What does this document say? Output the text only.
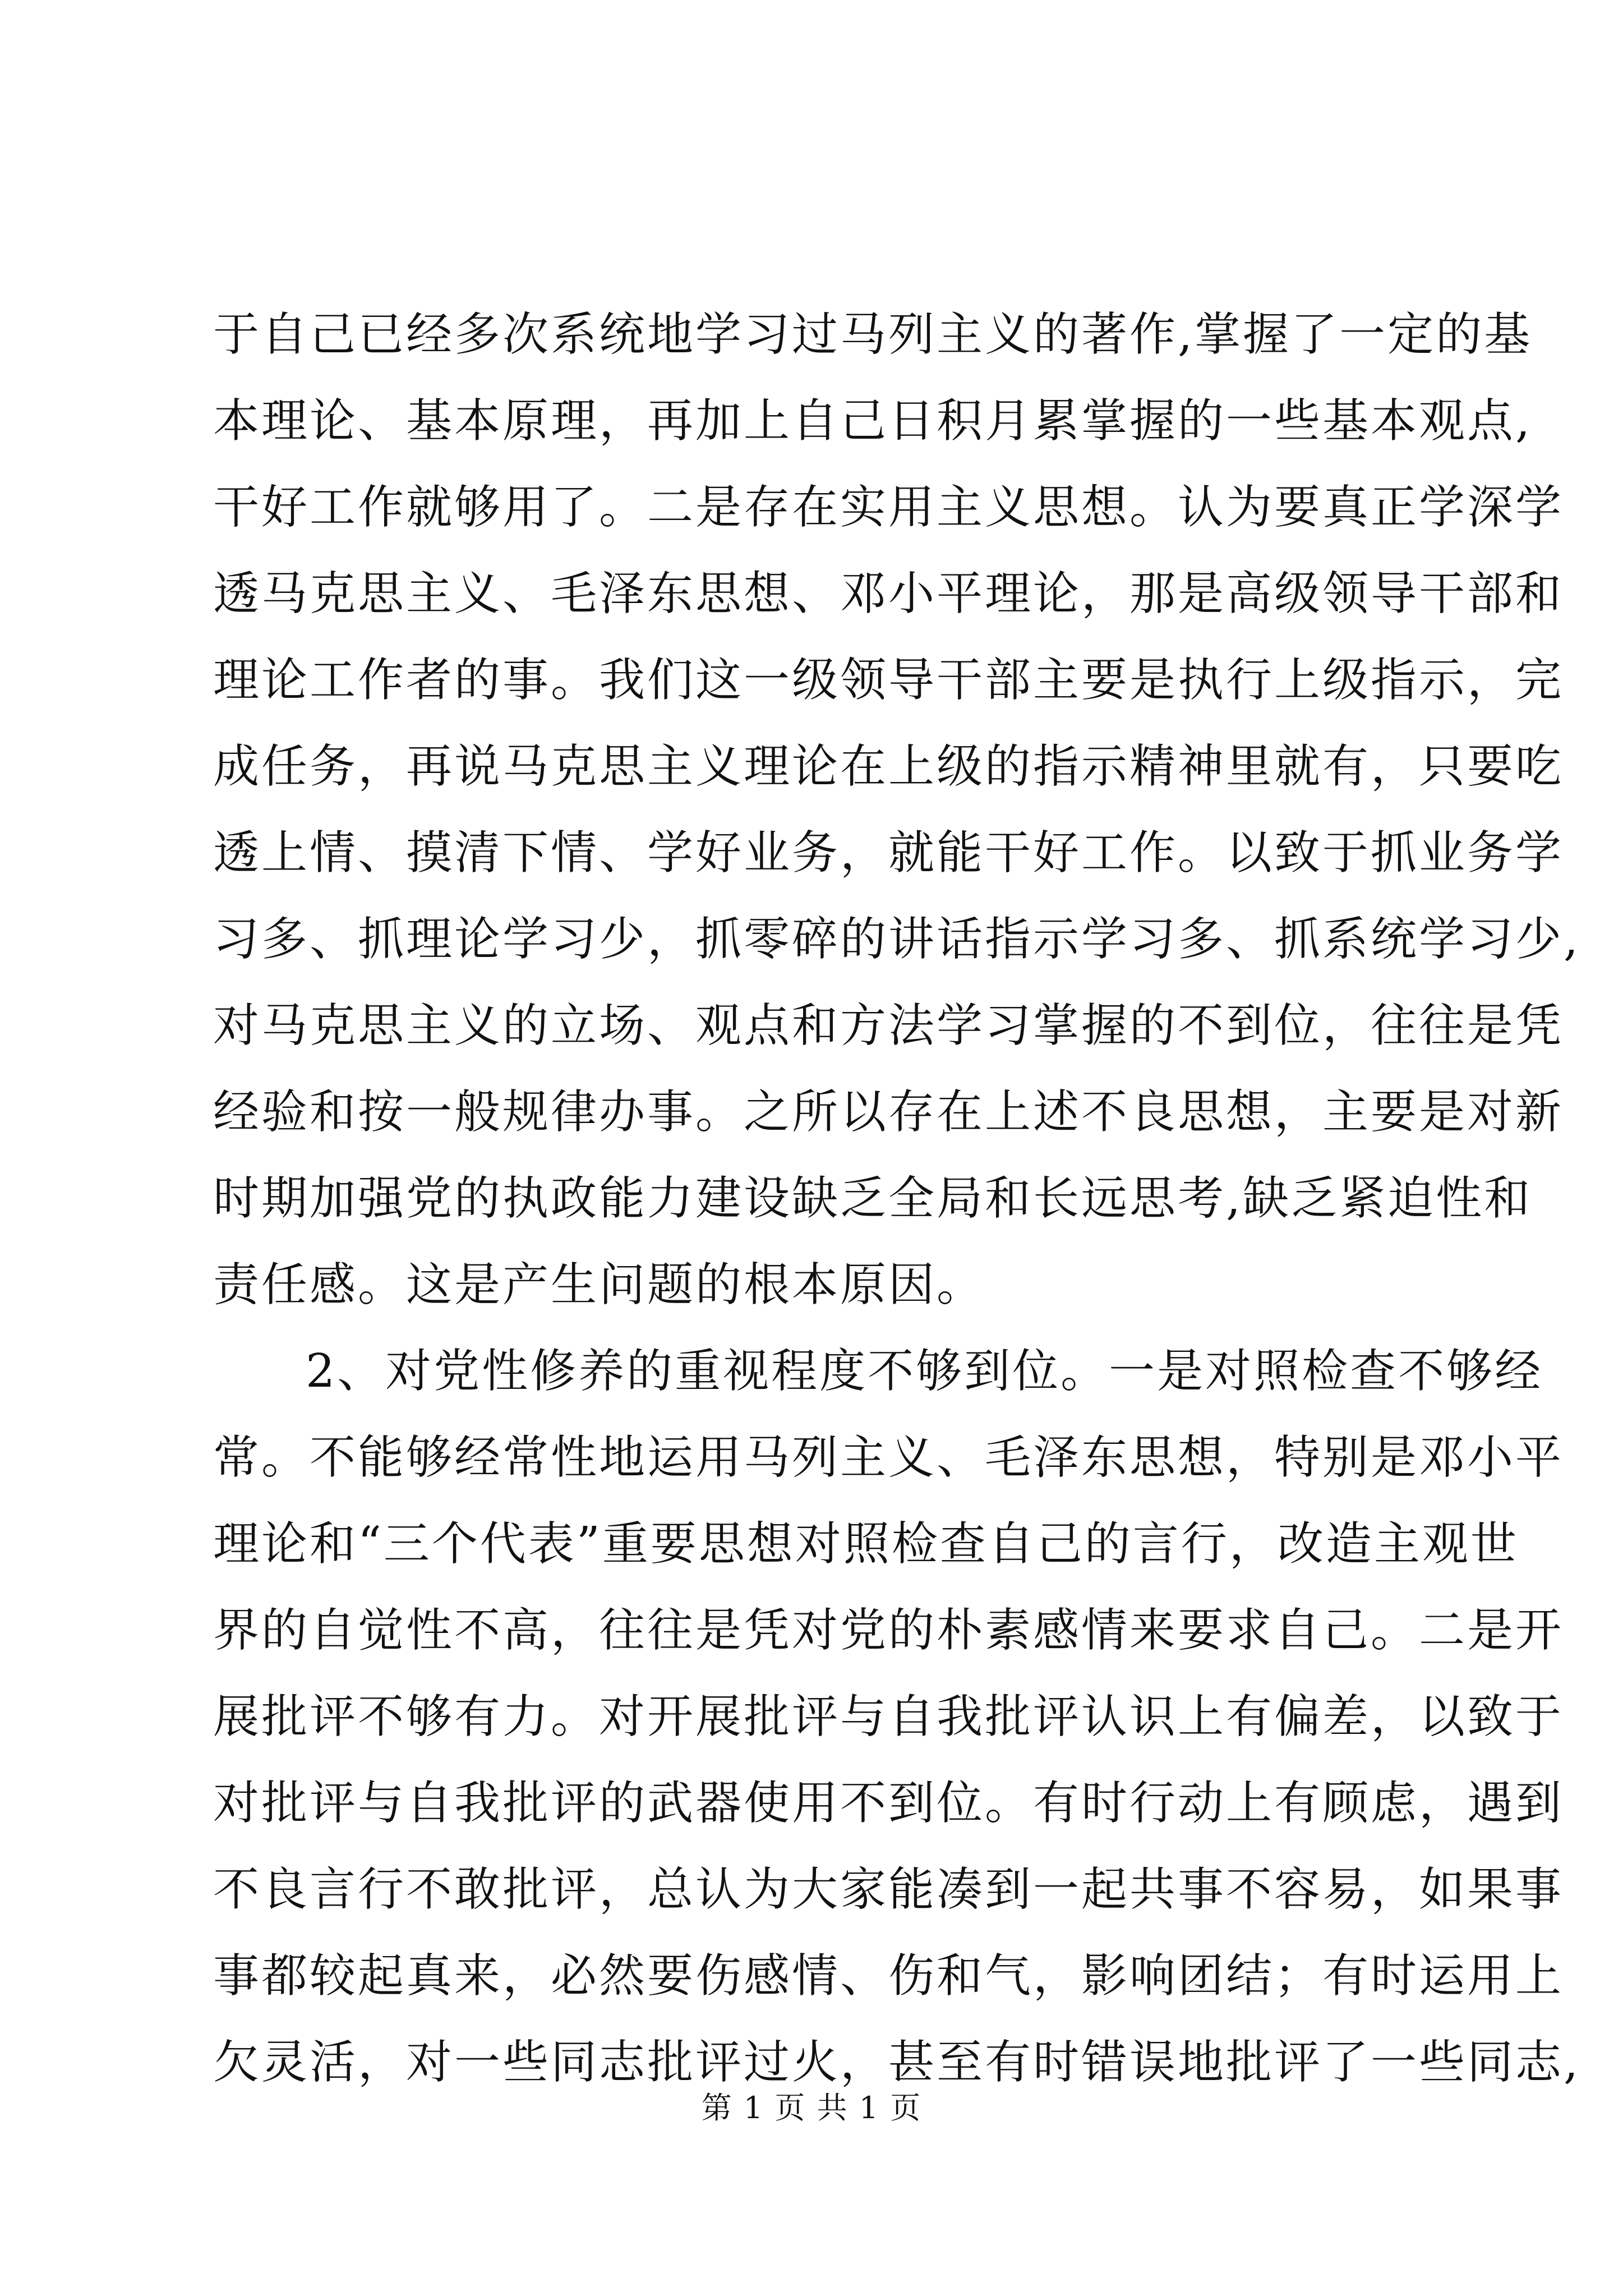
于自己已经多次系统地学习过马列主义的著作,掌握了一定的基
本理论、基本原理，再加上自己日积月累掌握的一些基本观点,
干好工作就够用了。二是存在实用主义思想。认为要真正学深学
透马克思主义、毛泽东思想、邓小平理论，那是高级领导干部和
理论工作者的事。我们这一级领导干部主要是执行上级指示，完
成任务，再说马克思主义理论在上级的指示精神里就有，只要吃
透上情、摸清下情、学好业务，就能干好工作。以致于抓业务学
习多、抓理论学习少，抓零碎的讲话指示学习多、抓系统学习少,
对马克思主义的立场、观点和方法学习掌握的不到位，往往是凭
经验和按一般规律办事。之所以存在上述不良思想，主要是对新
时期加强党的执政能力建设缺乏全局和长远思考,缺乏紧迫性和
责任感。这是产生问题的根本原因。
2、对党性修养的重视程度不够到位。一是对照检查不够经
常。不能够经常性地运用马列主义、毛泽东思想，特别是邓小平
理论和“三个代表”重要思想对照检查自己的言行，改造主观世
界的自觉性不高，往往是凭对党的朴素感情来要求自己。二是开
展批评不够有力。对开展批评与自我批评认识上有偏差，以致于
对批评与自我批评的武器使用不到位。有时行动上有顾虑，遇到
不良言行不敢批评，总认为大家能凑到一起共事不容易，如果事
事都较起真来，必然要伤感情、伤和气，影响团结；有时运用上
欠灵活，对一些同志批评过火，甚至有时错误地批评了一些同志,
第 1 页 共 1 页
